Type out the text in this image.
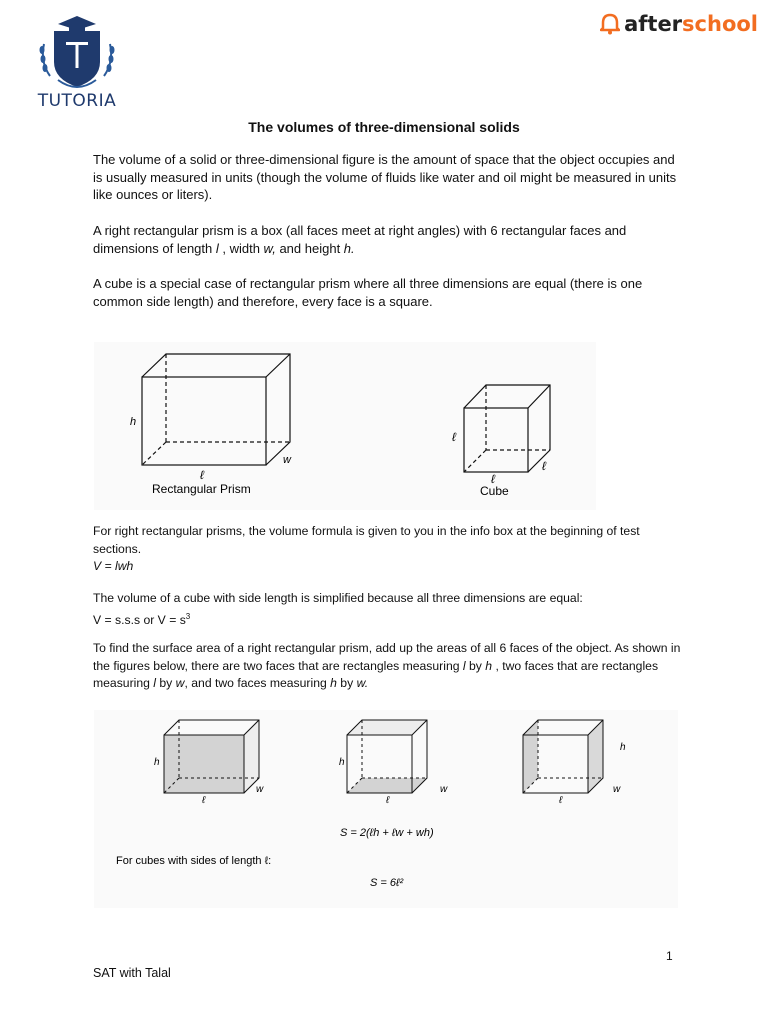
TUTORIA
after school
The volumes of three-dimensional solids
The volume of a solid or three-dimensional figure is the amount of space that the object occupies and is usually measured in units (though the volume of fluids like water and oil might be measured in units like ounces or liters).
A right rectangular prism is a box (all faces meet at right angles) with 6 rectangular faces and dimensions of length l , width w, and height h.
A cube is a special case of rectangular prism where all three dimensions are equal (there is one common side length) and therefore, every face is a square.
h
ℓ
w
Rectangular Prism
ℓ
ℓ
ℓ
Cube
For right rectangular prisms, the volume formula is given to you in the info box at the beginning of test sections.
V = lwh
The volume of a cube with side length is simplified because all three dimensions are equal:
V = s.s.s or $V = s^3$
To find the surface area of a right rectangular prism, add up the areas of all 6 faces of the object. As shown in the figures below, there are two faces that are rectangles measuring l by h , two faces that are rectangles measuring l by w, and two faces measuring h by w.
h
ℓ
w
h
ℓ
w
h
ℓ
w
S = 2(ℓh + ℓw + wh)
For cubes with sides of length ℓ:
S = 6ℓ²
1
SAT with Talal
